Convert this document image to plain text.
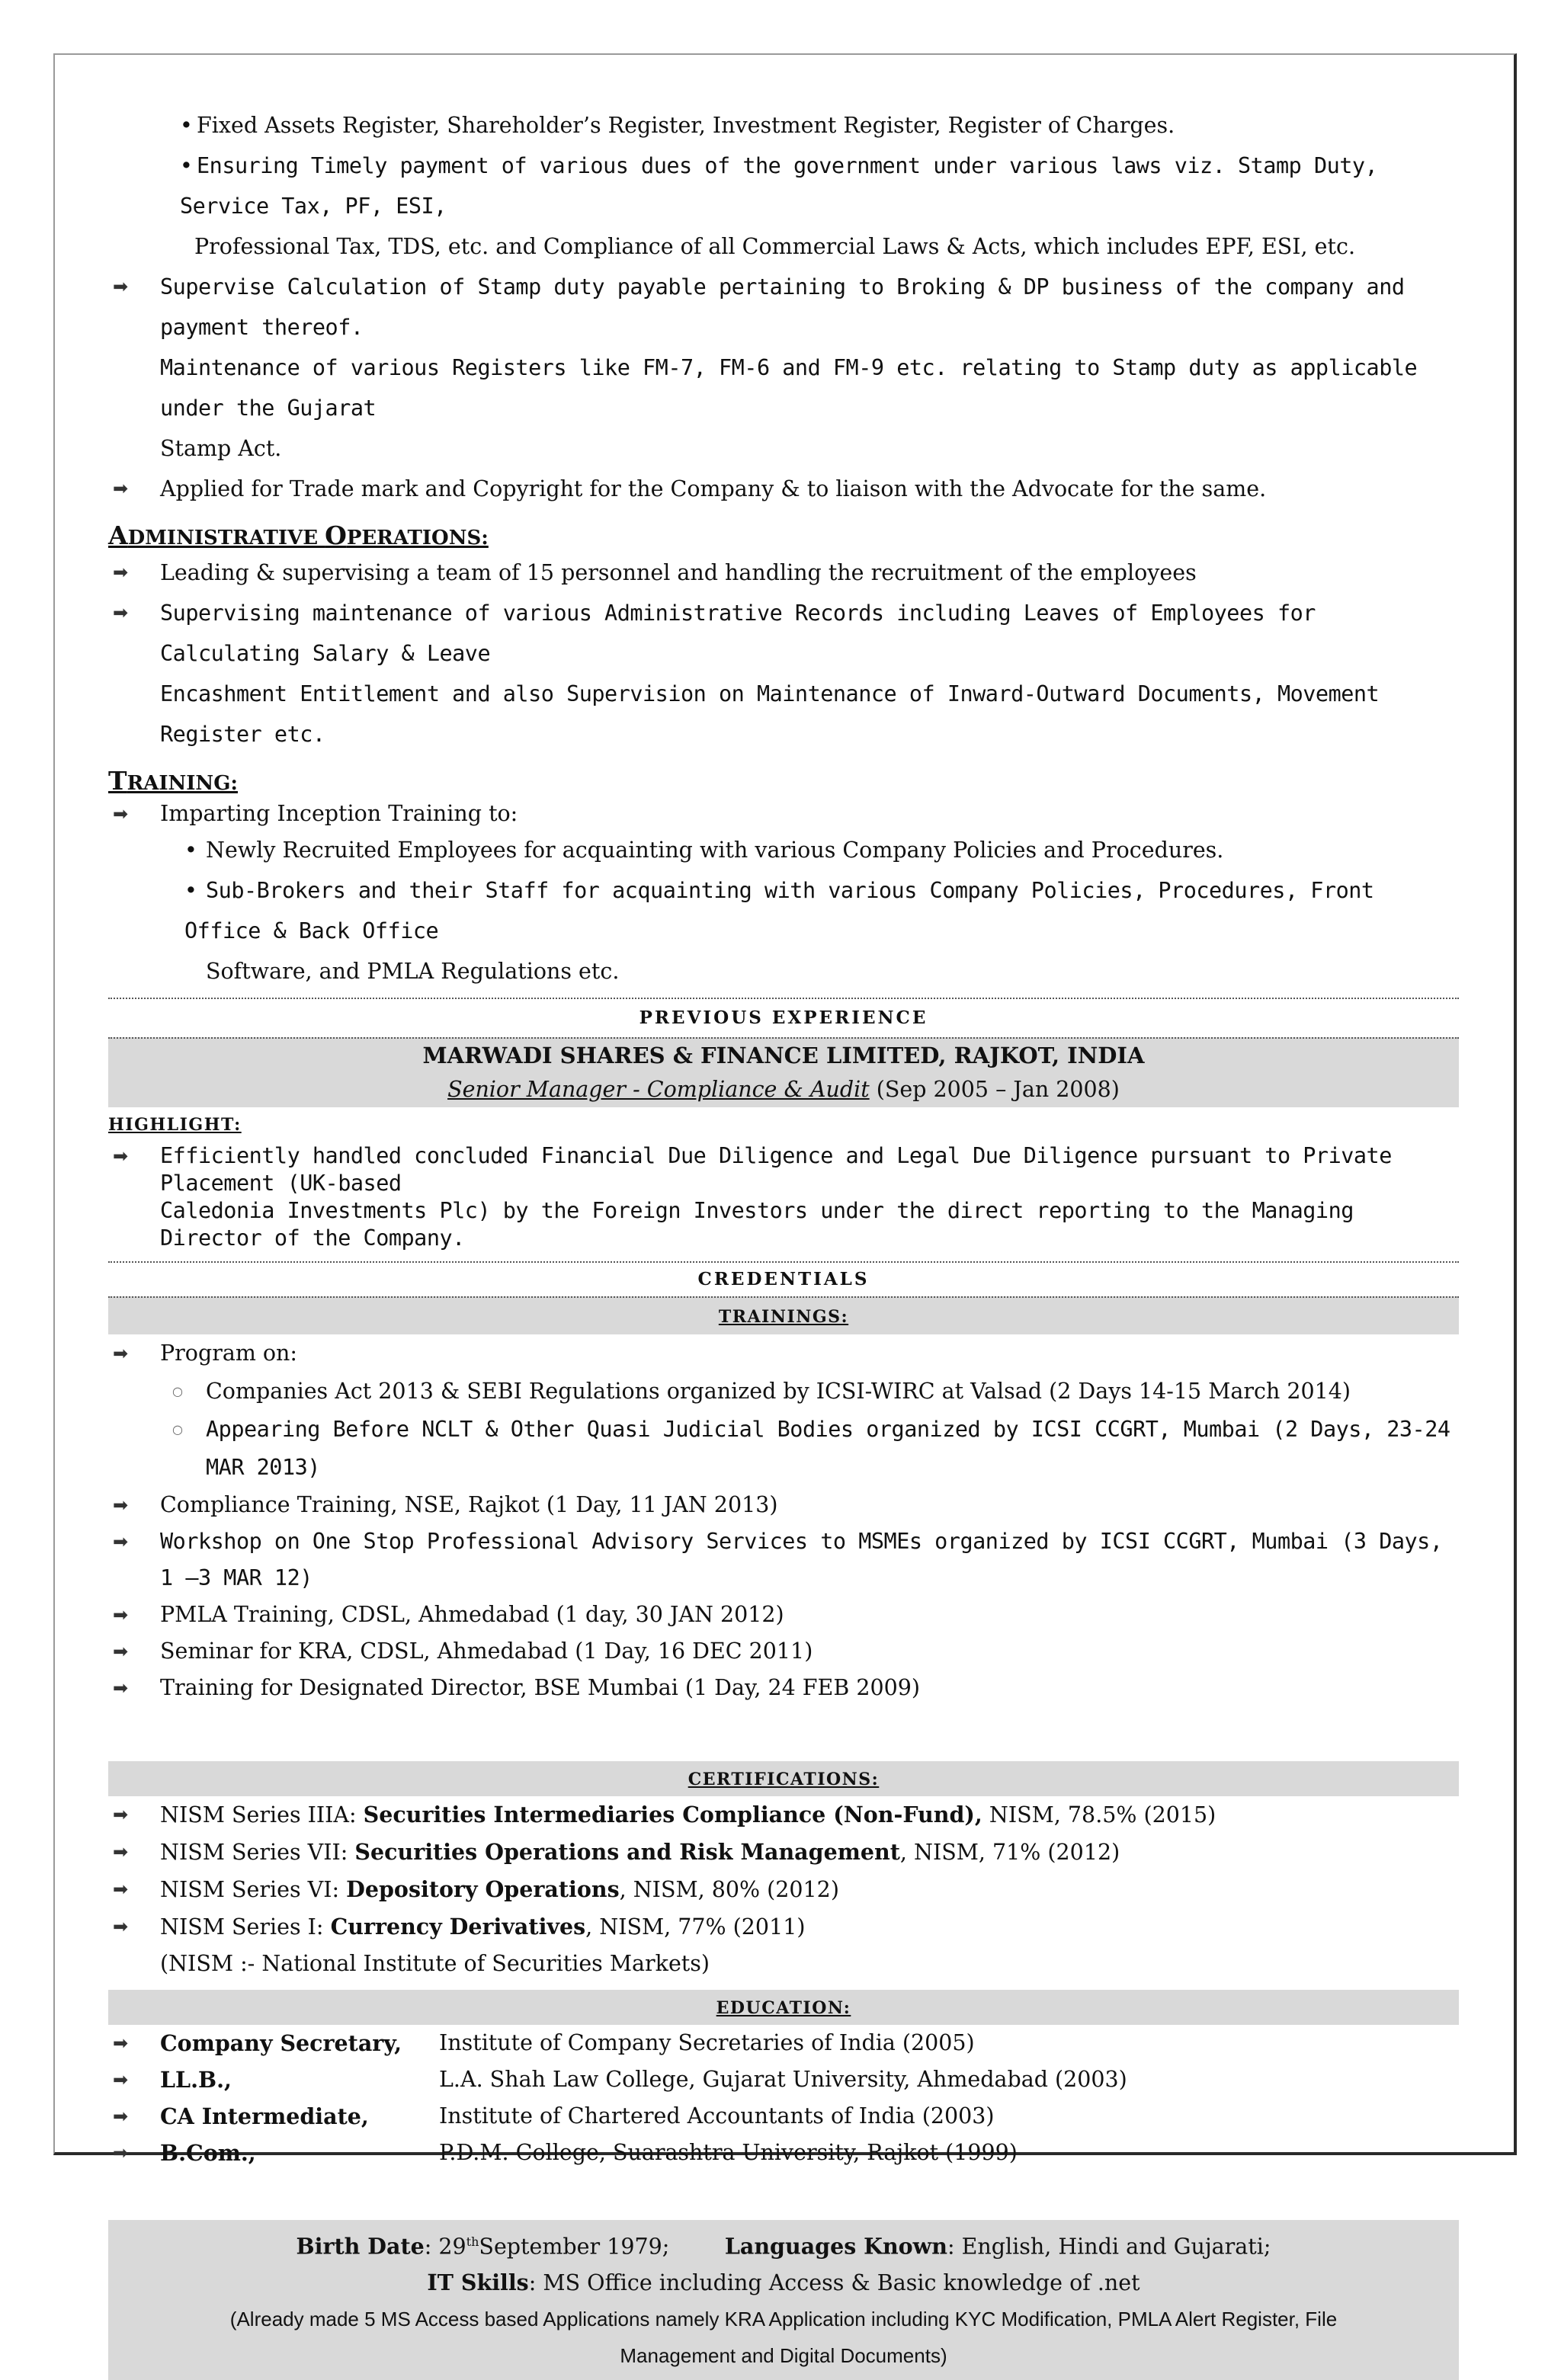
• Fixed Assets Register, Shareholder’s Register, Investment Register, Register of Charges.
• Ensuring Timely payment of various dues of the government under various laws viz. Stamp Duty, Service Tax, PF, ESI,
Professional Tax, TDS, etc. and Compliance of all Commercial Laws & Acts, which includes EPF, ESI, etc.
➡ Supervise Calculation of Stamp duty payable pertaining to Broking & DP business of the company and payment thereof.
Maintenance of various Registers like FM-7, FM-6 and FM-9 etc. relating to Stamp duty as applicable under the Gujarat
Stamp Act.
➡ Applied for Trade mark and Copyright for the Company & to liaison with the Advocate for the same.
ADMINISTRATIVE OPERATIONS:
➡ Leading & supervising a team of 15 personnel and handling the recruitment of the employees
➡ Supervising maintenance of various Administrative Records including Leaves of Employees for Calculating Salary & Leave
Encashment Entitlement and also Supervision on Maintenance of Inward-Outward Documents, Movement Register etc.
TRAINING:
➡ Imparting Inception Training to:
• Newly Recruited Employees for acquainting with various Company Policies and Procedures.
• Sub-Brokers and their Staff for acquainting with various Company Policies, Procedures, Front Office & Back Office
Software, and PMLA Regulations etc.
PREVIOUS EXPERIENCE
MARWADI SHARES & FINANCE LIMITED, RAJKOT, INDIA
Senior Manager - Compliance & Audit (Sep 2005 – Jan 2008)
HIGHLIGHT:
➡ Efficiently handled concluded Financial Due Diligence and Legal Due Diligence pursuant to Private Placement (UK-based
Caledonia Investments Plc) by the Foreign Investors under the direct reporting to the Managing Director of the Company.
CREDENTIALS
TRAININGS:
➡ Program on:
○ Companies Act 2013 & SEBI Regulations organized by ICSI-WIRC at Valsad (2 Days 14-15 March 2014)
○ Appearing Before NCLT & Other Quasi Judicial Bodies organized by ICSI CCGRT, Mumbai (2 Days, 23-24 MAR 2013)
➡ Compliance Training, NSE, Rajkot (1 Day, 11 JAN 2013)
➡ Workshop on One Stop Professional Advisory Services to MSMEs organized by ICSI CCGRT, Mumbai (3 Days, 1 –3 MAR 12)
➡ PMLA Training, CDSL, Ahmedabad (1 day, 30 JAN 2012)
➡ Seminar for KRA, CDSL, Ahmedabad (1 Day, 16 DEC 2011)
➡ Training for Designated Director, BSE Mumbai (1 Day, 24 FEB 2009)
CERTIFICATIONS:
➡ NISM Series IIIA: Securities Intermediaries Compliance (Non-Fund), NISM, 78.5% (2015)
➡ NISM Series VII: Securities Operations and Risk Management, NISM, 71% (2012)
➡ NISM Series VI: Depository Operations, NISM, 80% (2012)
➡ NISM Series I: Currency Derivatives, NISM, 77% (2011)
(NISM :- National Institute of Securities Markets)
EDUCATION:
➡	Company Secretary,	Institute of Company Secretaries of India (2005)
➡	LL.B.,	L.A. Shah Law College, Gujarat University, Ahmedabad (2003)
➡	CA Intermediate,	Institute of Chartered Accountants of India (2003)
➡	B.Com.,	P.D.M. College, Suarashtra University, Rajkot (1999)
Birth Date: 29thSeptember 1979;	Languages Known: English, Hindi and Gujarati;
IT Skills: MS Office including Access & Basic knowledge of .net
(Already made 5 MS Access based Applications namely KRA Application including KYC Modification, PMLA Alert Register, File
Management and Digital Documents)
